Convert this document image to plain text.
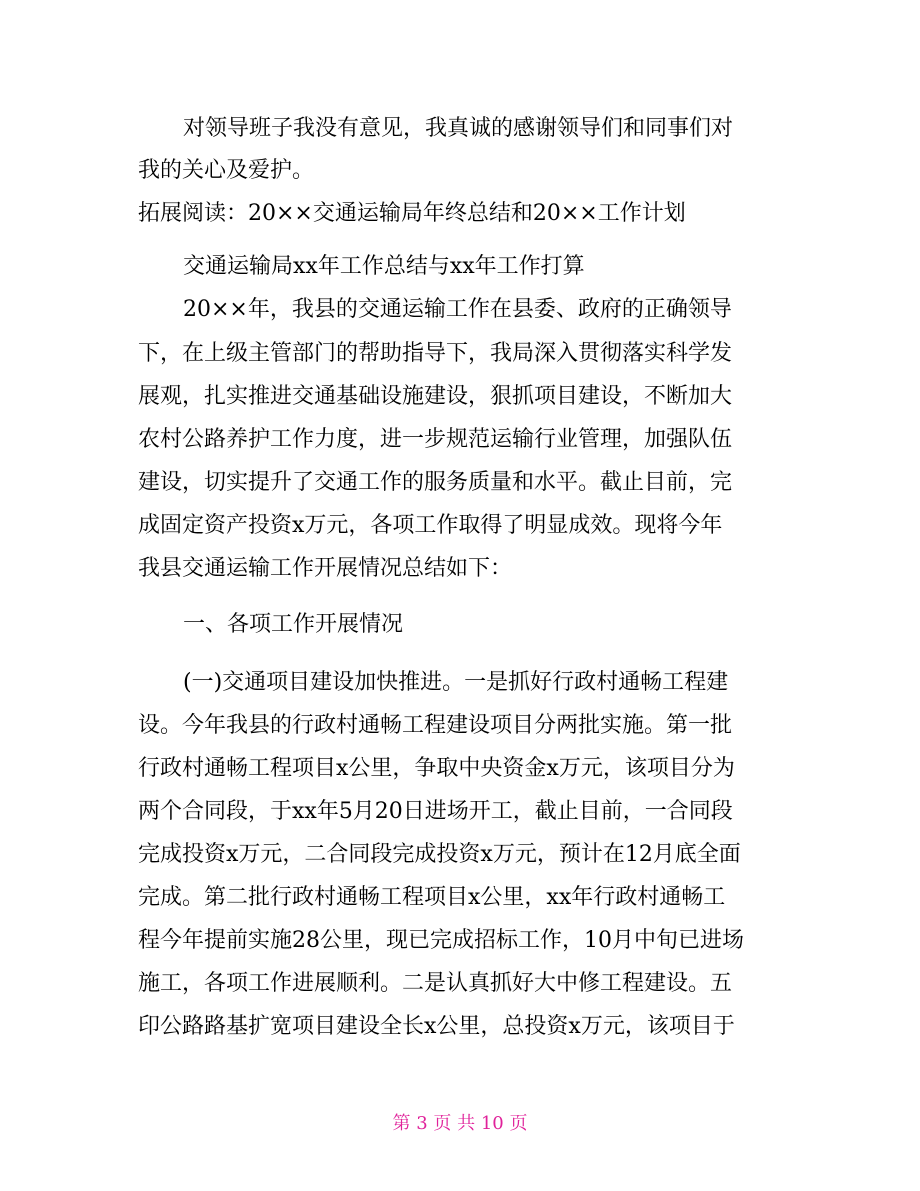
对领导班子我没有意见，我真诚的感谢领导们和同事们对
我的关心及爱护。
拓展阅读：20××交通运输局年终总结和20××工作计划
交通运输局xx年工作总结与xx年工作打算
20××年，我县的交通运输工作在县委、政府的正确领导
下，在上级主管部门的帮助指导下，我局深入贯彻落实科学发
展观，扎实推进交通基础设施建设，狠抓项目建设，不断加大
农村公路养护工作力度，进一步规范运输行业管理，加强队伍
建设，切实提升了交通工作的服务质量和水平。截止目前，完
成固定资产投资x万元，各项工作取得了明显成效。现将今年
我县交通运输工作开展情况总结如下：
一、各项工作开展情况
(一)交通项目建设加快推进。一是抓好行政村通畅工程建
设。今年我县的行政村通畅工程建设项目分两批实施。第一批
行政村通畅工程项目x公里，争取中央资金x万元，该项目分为
两个合同段，于xx年5月20日进场开工，截止目前，一合同段
完成投资x万元，二合同段完成投资x万元，预计在12月底全面
完成。第二批行政村通畅工程项目x公里，xx年行政村通畅工
程今年提前实施28公里，现已完成招标工作，10月中旬已进场
施工，各项工作进展顺利。二是认真抓好大中修工程建设。五
印公路路基扩宽项目建设全长x公里，总投资x万元，该项目于
第 3 页 共 10 页
